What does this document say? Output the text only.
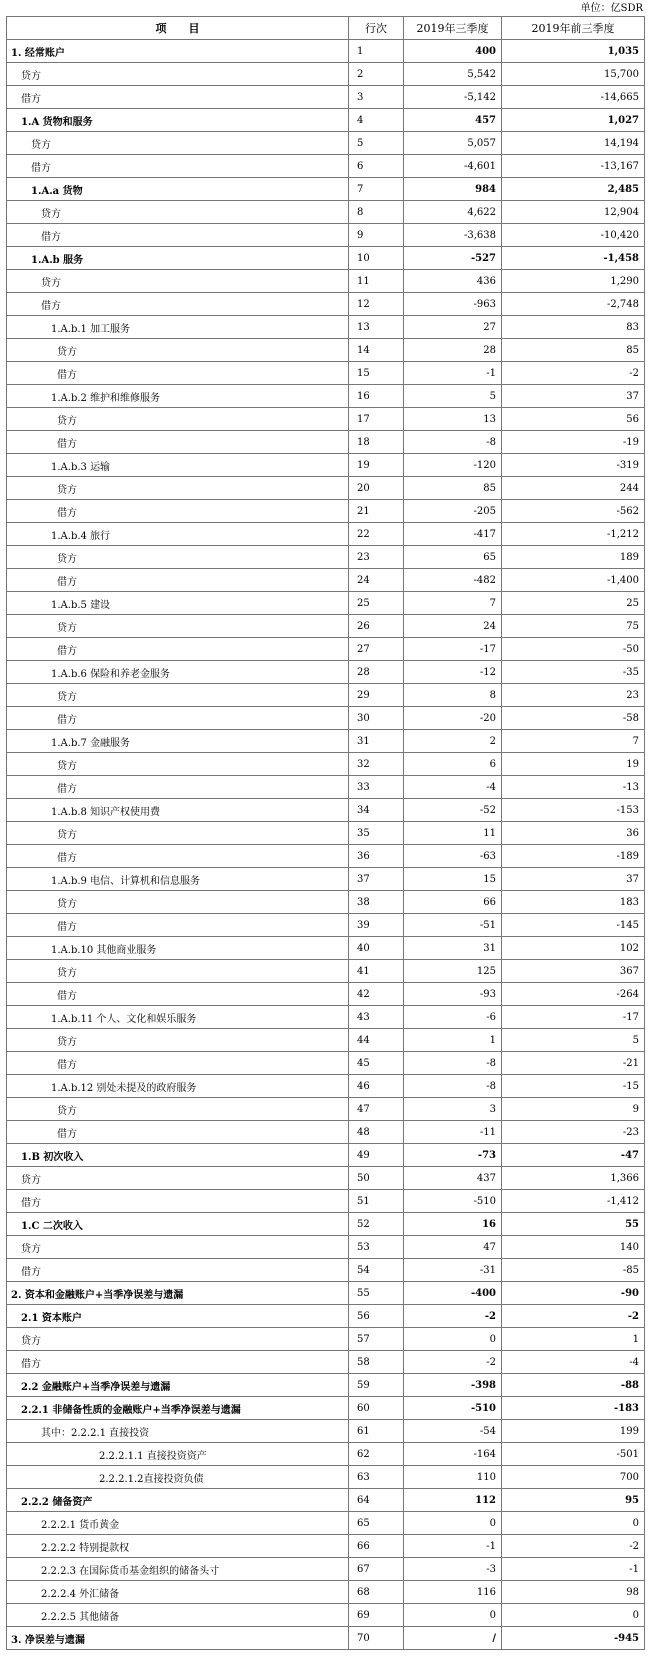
单位：亿SDR
项　　目	行次	2019年三季度	2019年前三季度
1. 经常账户	1	400	1,035
贷方	2	5,542	15,700
借方	3	-5,142	-14,665
1.A 货物和服务	4	457	1,027
贷方	5	5,057	14,194
借方	6	-4,601	-13,167
1.A.a 货物	7	984	2,485
贷方	8	4,622	12,904
借方	9	-3,638	-10,420
1.A.b 服务	10	-527	-1,458
贷方	11	436	1,290
借方	12	-963	-2,748
1.A.b.1 加工服务	13	27	83
贷方	14	28	85
借方	15	-1	-2
1.A.b.2 维护和维修服务	16	5	37
贷方	17	13	56
借方	18	-8	-19
1.A.b.3 运输	19	-120	-319
贷方	20	85	244
借方	21	-205	-562
1.A.b.4 旅行	22	-417	-1,212
贷方	23	65	189
借方	24	-482	-1,400
1.A.b.5 建设	25	7	25
贷方	26	24	75
借方	27	-17	-50
1.A.b.6 保险和养老金服务	28	-12	-35
贷方	29	8	23
借方	30	-20	-58
1.A.b.7 金融服务	31	2	7
贷方	32	6	19
借方	33	-4	-13
1.A.b.8 知识产权使用费	34	-52	-153
贷方	35	11	36
借方	36	-63	-189
1.A.b.9 电信、计算机和信息服务	37	15	37
贷方	38	66	183
借方	39	-51	-145
1.A.b.10 其他商业服务	40	31	102
贷方	41	125	367
借方	42	-93	-264
1.A.b.11 个人、文化和娱乐服务	43	-6	-17
贷方	44	1	5
借方	45	-8	-21
1.A.b.12 别处未提及的政府服务	46	-8	-15
贷方	47	3	9
借方	48	-11	-23
1.B 初次收入	49	-73	-47
贷方	50	437	1,366
借方	51	-510	-1,412
1.C 二次收入	52	16	55
贷方	53	47	140
借方	54	-31	-85
2. 资本和金融账户+当季净误差与遗漏	55	-400	-90
2.1 资本账户	56	-2	-2
贷方	57	0	1
借方	58	-2	-4
2.2 金融账户+当季净误差与遗漏	59	-398	-88
2.2.1 非储备性质的金融账户+当季净误差与遗漏	60	-510	-183
其中：2.2.2.1 直接投资	61	-54	199
2.2.2.1.1 直接投资资产	62	-164	-501
2.2.2.1.2直接投资负债	63	110	700
2.2.2 储备资产	64	112	95
2.2.2.1 货币黄金	65	0	0
2.2.2.2 特别提款权	66	-1	-2
2.2.2.3 在国际货币基金组织的储备头寸	67	-3	-1
2.2.2.4 外汇储备	68	116	98
2.2.2.5 其他储备	69	0	0
3. 净误差与遗漏	70	/	-945
